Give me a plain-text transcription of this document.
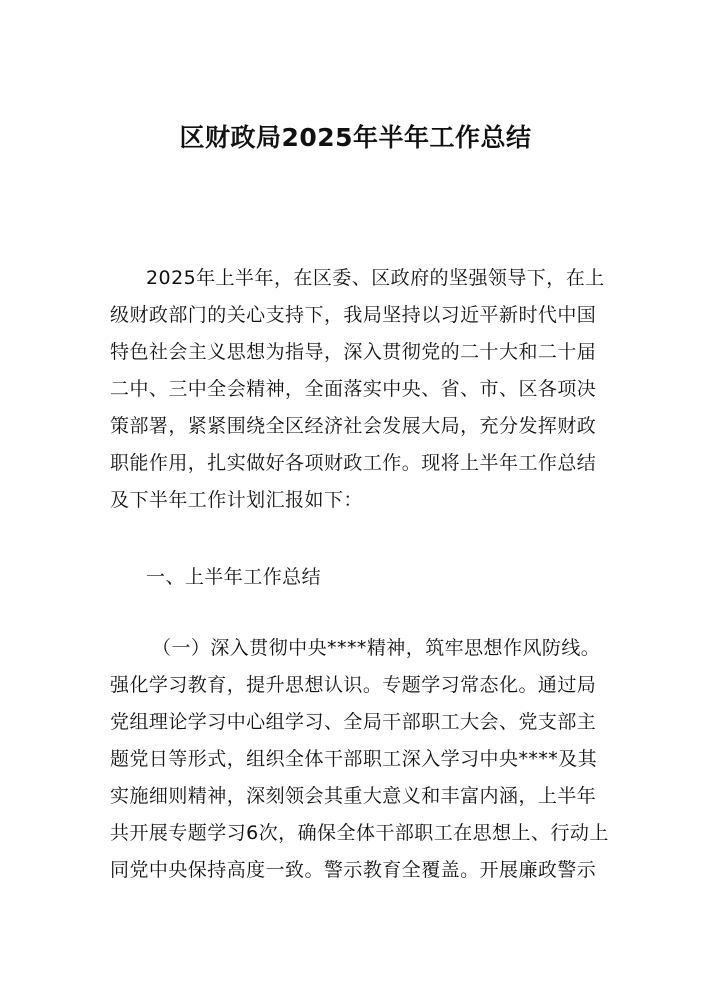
区财政局2025年半年工作总结
2025年上半年，在区委、区政府的坚强领导下，在上
级财政部门的关心支持下，我局坚持以习近平新时代中国
特色社会主义思想为指导，深入贯彻党的二十大和二十届
二中、三中全会精神，全面落实中央、省、市、区各项决
策部署，紧紧围绕全区经济社会发展大局，充分发挥财政
职能作用，扎实做好各项财政工作。现将上半年工作总结
及下半年工作计划汇报如下：
一、上半年工作总结
（一）深入贯彻中央****精神，筑牢思想作风防线。
强化学习教育，提升思想认识。专题学习常态化。通过局
党组理论学习中心组学习、全局干部职工大会、党支部主
题党日等形式，组织全体干部职工深入学习中央****及其
实施细则精神，深刻领会其重大意义和丰富内涵，上半年
共开展专题学习6次，确保全体干部职工在思想上、行动上
同党中央保持高度一致。警示教育全覆盖。开展廉政警示
